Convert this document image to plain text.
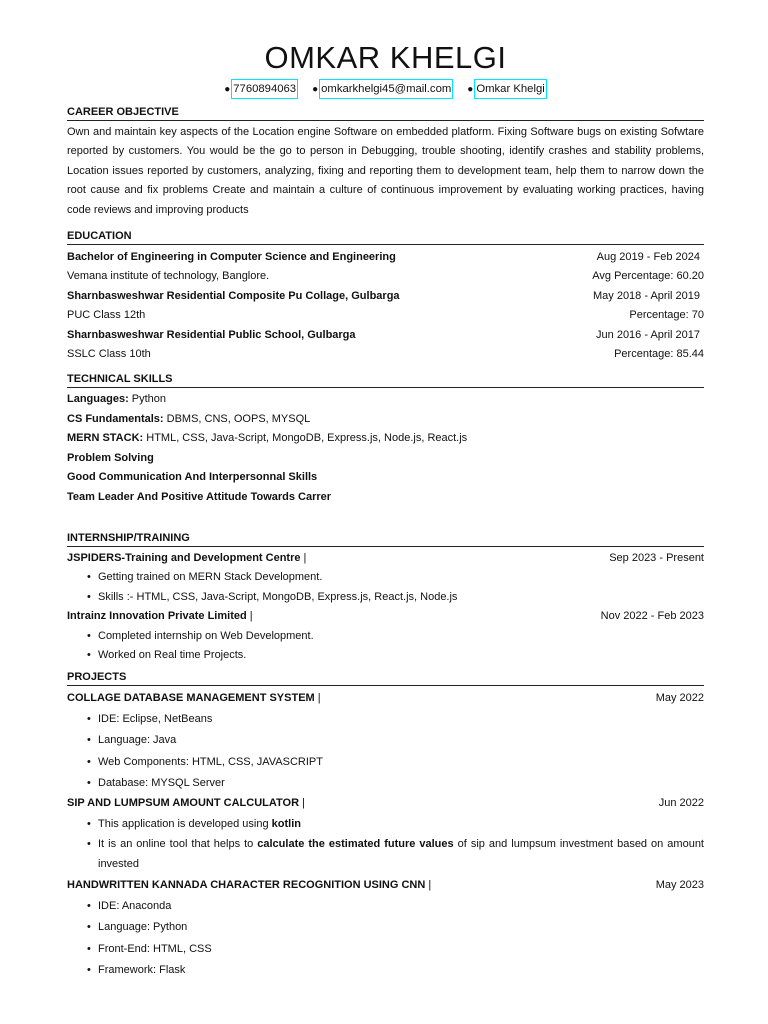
OMKAR KHELGI
● 7760894063 ● omkarkhelgi45@mail.com ● Omkar Khelgi
CAREER OBJECTIVE
Own and maintain key aspects of the Location engine Software on embedded platform. Fixing Software bugs on existing Sofwtare reported by customers. You would be the go to person in Debugging, trouble shooting, identify crashes and stability problems, Location issues reported by customers, analyzing, fixing and reporting them to development team, help them to narrow down the root cause and fix problems Create and maintain a culture of continuous improvement by evaluating working practices, having code reviews and improving products
EDUCATION
Bachelor of Engineering in Computer Science and Engineering	Aug 2019 - Feb 2024
Vemana institute of technology, Banglore.	Avg Percentage: 60.20
Sharnbasweshwar Residential Composite Pu Collage, Gulbarga	May 2018 - April 2019
PUC Class 12th	Percentage: 70
Sharnbasweshwar Residential Public School, Gulbarga	Jun 2016 - April 2017
SSLC Class 10th	Percentage: 85.44
TECHNICAL SKILLS
Languages: Python
CS Fundamentals: DBMS, CNS, OOPS, MYSQL
MERN STACK: HTML, CSS, Java-Script, MongoDB, Express.js, Node.js, React.js
Problem Solving
Good Communication And Interpersonnal Skills
Team Leader And Positive Attitude Towards Carrer
INTERNSHIP/TRAINING
JSPIDERS-Training and Development Centre |	Sep 2023 - Present
• Getting trained on MERN Stack Development.
• Skills :- HTML, CSS, Java-Script, MongoDB, Express.js, React.js, Node.js
Intrainz Innovation Private Limited |	Nov 2022 - Feb 2023
• Completed internship on Web Development.
• Worked on Real time Projects.
PROJECTS
COLLAGE DATABASE MANAGEMENT SYSTEM |	May 2022
• IDE: Eclipse, NetBeans
• Language: Java
• Web Components: HTML, CSS, JAVASCRIPT
• Database: MYSQL Server
SIP AND LUMPSUM AMOUNT CALCULATOR |	Jun 2022
• This application is developed using kotlin
• It is an online tool that helps to calculate the estimated future values of sip and lumpsum investment based on amount invested
HANDWRITTEN KANNADA CHARACTER RECOGNITION USING CNN |	May 2023
• IDE: Anaconda
• Language: Python
• Front-End: HTML, CSS
• Framework: Flask
